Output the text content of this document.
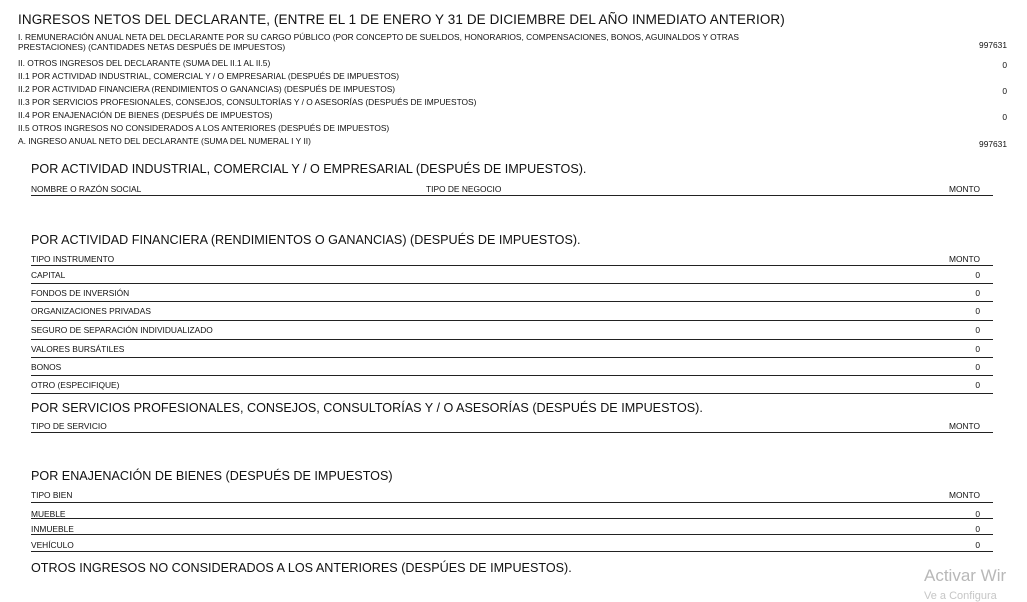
INGRESOS NETOS DEL DECLARANTE, (ENTRE EL 1 DE ENERO Y 31 DE DICIEMBRE DEL AÑO INMEDIATO ANTERIOR)
I. REMUNERACIÓN ANUAL NETA DEL DECLARANTE POR SU CARGO PÚBLICO (POR CONCEPTO DE SUELDOS, HONORARIOS, COMPENSACIONES, BONOS, AGUINALDOS Y OTRAS
PRESTACIONES) (CANTIDADES NETAS DESPUÉS DE IMPUESTOS)	997631
II. OTROS INGRESOS DEL DECLARANTE (SUMA DEL II.1 AL II.5)	0
II.1 POR ACTIVIDAD INDUSTRIAL, COMERCIAL Y / O EMPRESARIAL (DESPUÉS DE IMPUESTOS)
II.2 POR ACTIVIDAD FINANCIERA (RENDIMIENTOS O GANANCIAS) (DESPUÉS DE IMPUESTOS)	0
II.3 POR SERVICIOS PROFESIONALES, CONSEJOS, CONSULTORÍAS Y / O ASESORÍAS (DESPUÉS DE IMPUESTOS)
II.4 POR ENAJENACIÓN DE BIENES (DESPUÉS DE IMPUESTOS)	0
II.5 OTROS INGRESOS NO CONSIDERADOS A LOS ANTERIORES (DESPUÉS DE IMPUESTOS)
A. INGRESO ANUAL NETO DEL DECLARANTE (SUMA DEL NUMERAL I Y II)	997631
POR ACTIVIDAD INDUSTRIAL, COMERCIAL Y / O EMPRESARIAL (DESPUÉS DE IMPUESTOS).
NOMBRE O RAZÓN SOCIAL	TIPO DE NEGOCIO	MONTO
POR ACTIVIDAD FINANCIERA (RENDIMIENTOS O GANANCIAS) (DESPUÉS DE IMPUESTOS).
TIPO INSTRUMENTO	MONTO
CAPITAL	0
FONDOS DE INVERSIÓN	0
ORGANIZACIONES PRIVADAS	0
SEGURO DE SEPARACIÓN INDIVIDUALIZADO	0
VALORES BURSÁTILES	0
BONOS	0
OTRO (ESPECIFIQUE)	0
POR SERVICIOS PROFESIONALES, CONSEJOS, CONSULTORÍAS Y / O ASESORÍAS (DESPUÉS DE IMPUESTOS).
TIPO DE SERVICIO	MONTO
POR ENAJENACIÓN DE BIENES (DESPUÉS DE IMPUESTOS)
TIPO BIEN	MONTO
MUEBLE	0
INMUEBLE	0
VEHÍCULO	0
OTROS INGRESOS NO CONSIDERADOS A LOS ANTERIORES (DESPÚES DE IMPUESTOS).	Activar Wir
Ve a Configura
